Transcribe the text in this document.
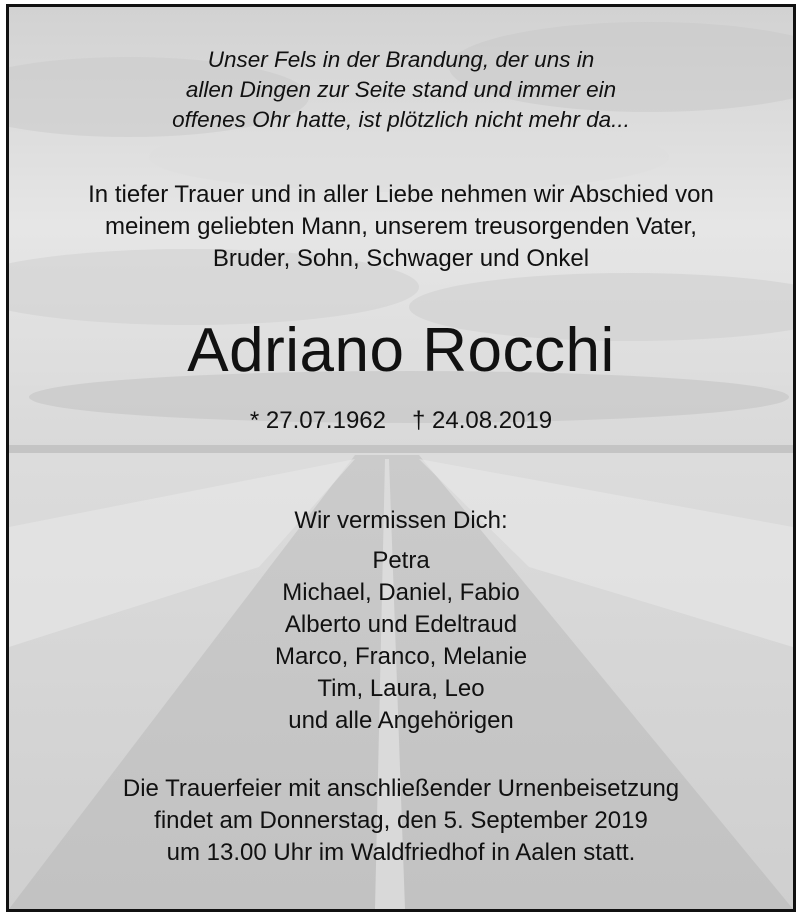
Unser Fels in der Brandung, der uns in
allen Dingen zur Seite stand und immer ein
offenes Ohr hatte, ist plötzlich nicht mehr da...
In tiefer Trauer und in aller Liebe nehmen wir Abschied von
meinem geliebten Mann, unserem treusorgenden Vater,
Bruder, Sohn, Schwager und Onkel
Adriano Rocchi
* 27.07.1962 † 24.08.2019
Wir vermissen Dich:
Petra
Michael, Daniel, Fabio
Alberto und Edeltraud
Marco, Franco, Melanie
Tim, Laura, Leo
und alle Angehörigen
Die Trauerfeier mit anschließender Urnenbeisetzung
findet am Donnerstag, den 5. September 2019
um 13.00 Uhr im Waldfriedhof in Aalen statt.
